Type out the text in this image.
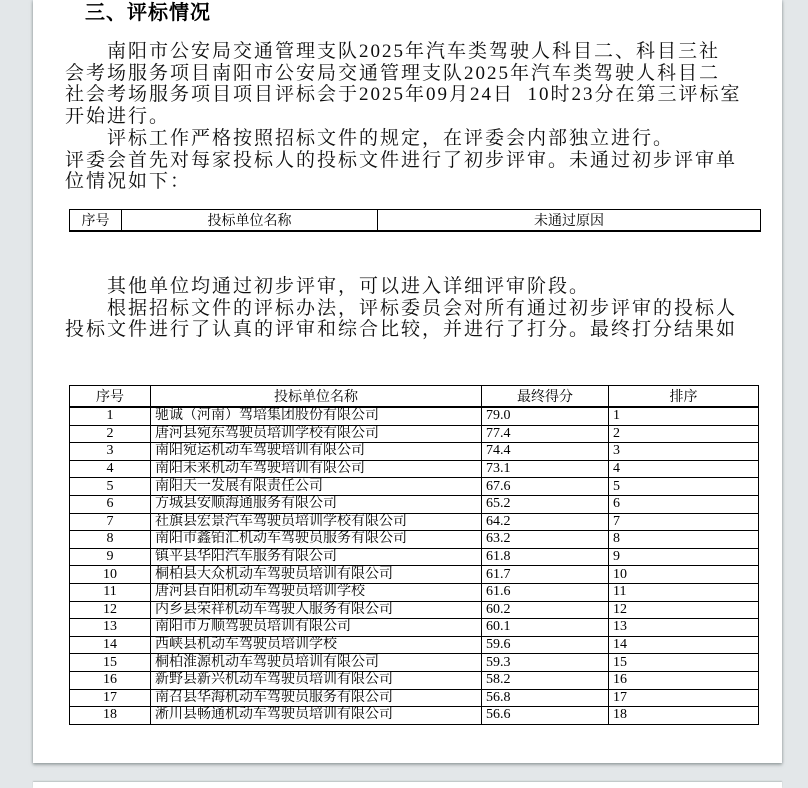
三、评标情况
　　南阳市公安局交通管理支队2025年汽车类驾驶人科目二、科目三社
会考场服务项目南阳市公安局交通管理支队2025年汽车类驾驶人科目二
社会考场服务项目项目评标会于2025年09月24日  10时23分在第三评标室
开始进行。
　　评标工作严格按照招标文件的规定，在评委会内部独立进行。
评委会首先对每家投标人的投标文件进行了初步评审。未通过初步评审单
位情况如下：
序号	投标单位名称	未通过原因
　　其他单位均通过初步评审，可以进入详细评审阶段。
　　根据招标文件的评标办法，评标委员会对所有通过初步评审的投标人
投标文件进行了认真的评审和综合比较，并进行了打分。最终打分结果如
序号	投标单位名称	最终得分	排序
1	驰诚（河南）驾培集团股份有限公司	79.0	1
2	唐河县宛东驾驶员培训学校有限公司	77.4	2
3	南阳宛运机动车驾驶培训有限公司	74.4	3
4	南阳未来机动车驾驶培训有限公司	73.1	4
5	南阳天一发展有限责任公司	67.6	5
6	方城县安顺海通服务有限公司	65.2	6
7	社旗县宏景汽车驾驶员培训学校有限公司	64.2	7
8	南阳市鑫铂汇机动车驾驶员服务有限公司	63.2	8
9	镇平县华阳汽车服务有限公司	61.8	9
10	桐柏县大众机动车驾驶员培训有限公司	61.7	10
11	唐河县百阳机动车驾驶员培训学校	61.6	11
12	内乡县荣祥机动车驾驶人服务有限公司	60.2	12
13	南阳市万顺驾驶员培训有限公司	60.1	13
14	西峡县机动车驾驶员培训学校	59.6	14
15	桐柏淮源机动车驾驶员培训有限公司	59.3	15
16	新野县新兴机动车驾驶员培训有限公司	58.2	16
17	南召县华海机动车驾驶员服务有限公司	56.8	17
18	淅川县畅通机动车驾驶员培训有限公司	56.6	18
